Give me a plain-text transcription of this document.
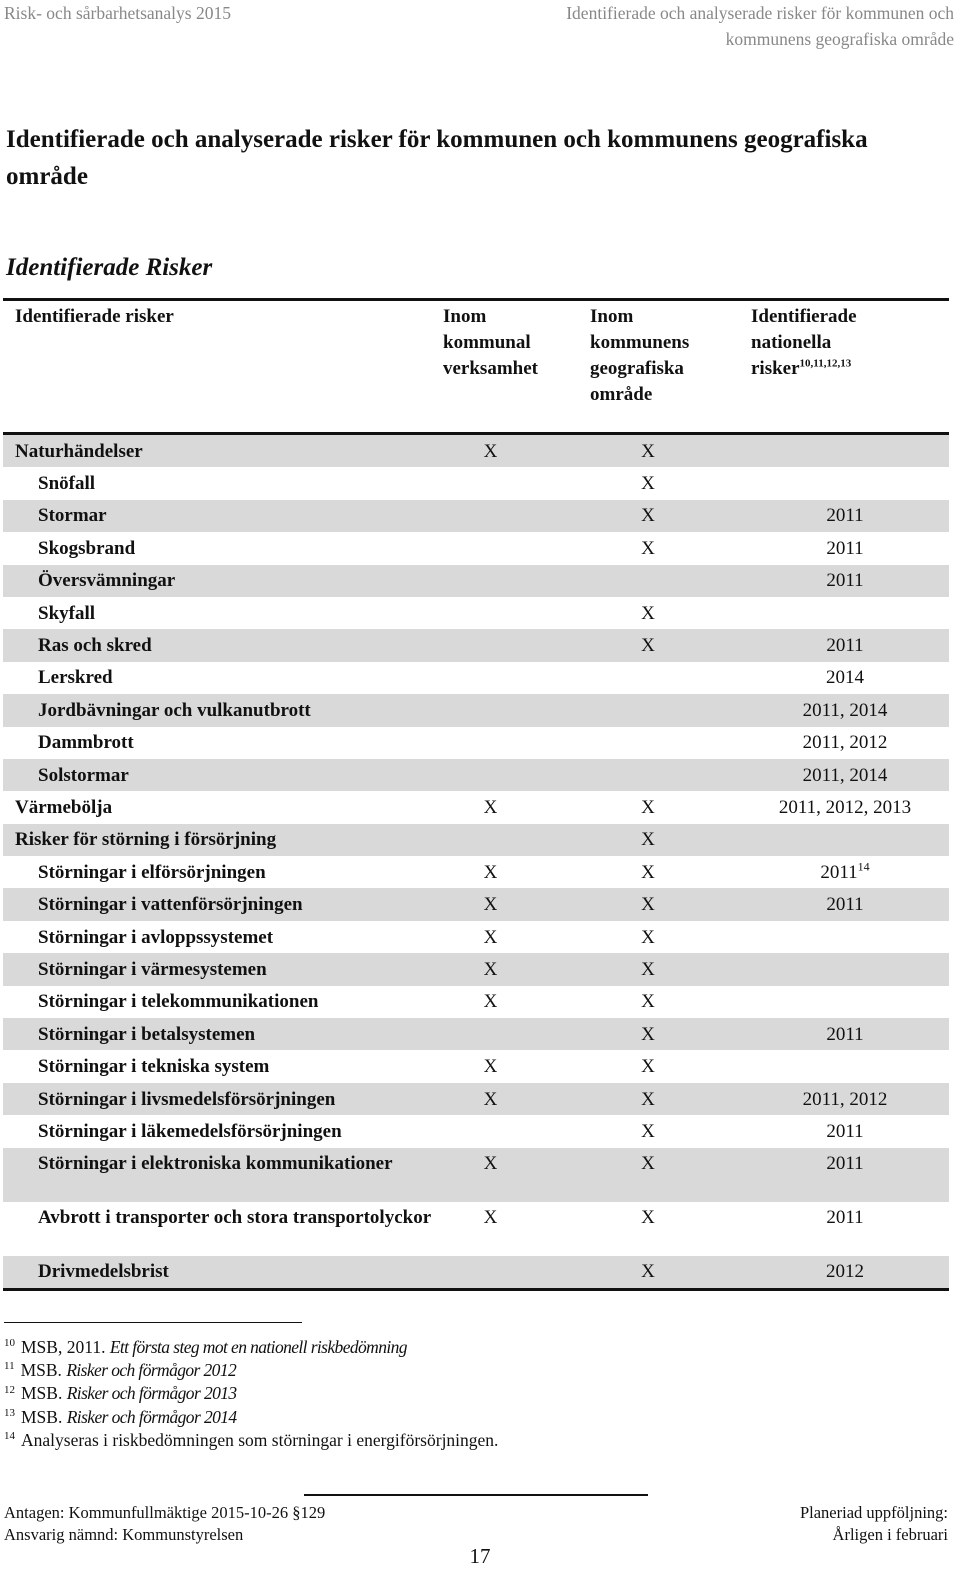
Risk- och sårbarhetsanalys 2015	Identifierade och analyserade risker för kommunen och
kommunens geografiska område
Identifierade och analyserade risker för kommunen och kommunens geografiska område
Identifierade Risker
Identifierade risker	Inom kommunal verksamhet	Inom kommunens geografiska område	Identifierade nationella risker$^{10,11,12,13}$

Naturhändelser	X	X	
Snöfall		X	
Stormar		X	2011
Skogsbrand		X	2011
Översvämningar			2011
Skyfall		X	
Ras och skred		X	2011
Lerskred			2014
Jordbävningar och vulkanutbrott			2011, 2014
Dammbrott			2011, 2012
Solstormar			2011, 2014
Värmebölja	X	X	2011, 2012, 2013
Risker för störning i försörjning		X	
Störningar i elförsörjningen	X	X	2011$^{14}$
Störningar i vattenförsörjningen	X	X	2011
Störningar i avloppssystemet	X	X	
Störningar i värmesystemen	X	X	
Störningar i telekommunikationen	X	X	
Störningar i betalsystemen		X	2011
Störningar i tekniska system	X	X	
Störningar i livsmedelsförsörjningen	X	X	2011, 2012
Störningar i läkemedelsförsörjningen		X	2011

Störningar i elektroniska kommunikationer	X	X	2011

Avbrott i transporter och stora transportolyckor	X	X	2011
Drivmedelsbrist		X	2012
$^{10}$ MSB, 2011. Ett första steg mot en nationell riskbedömning
$^{11}$ MSB. Risker och förmågor 2012
$^{12}$ MSB. Risker och förmågor 2013
$^{13}$ MSB. Risker och förmågor 2014
$^{14}$ Analyseras i riskbedömningen som störningar i energiförsörjningen.
Antagen: Kommunfullmäktige 2015-10-26 §129
Ansvarig nämnd: Kommunstyrelsen
Planeriad uppföljning:
Årligen i februari
17
